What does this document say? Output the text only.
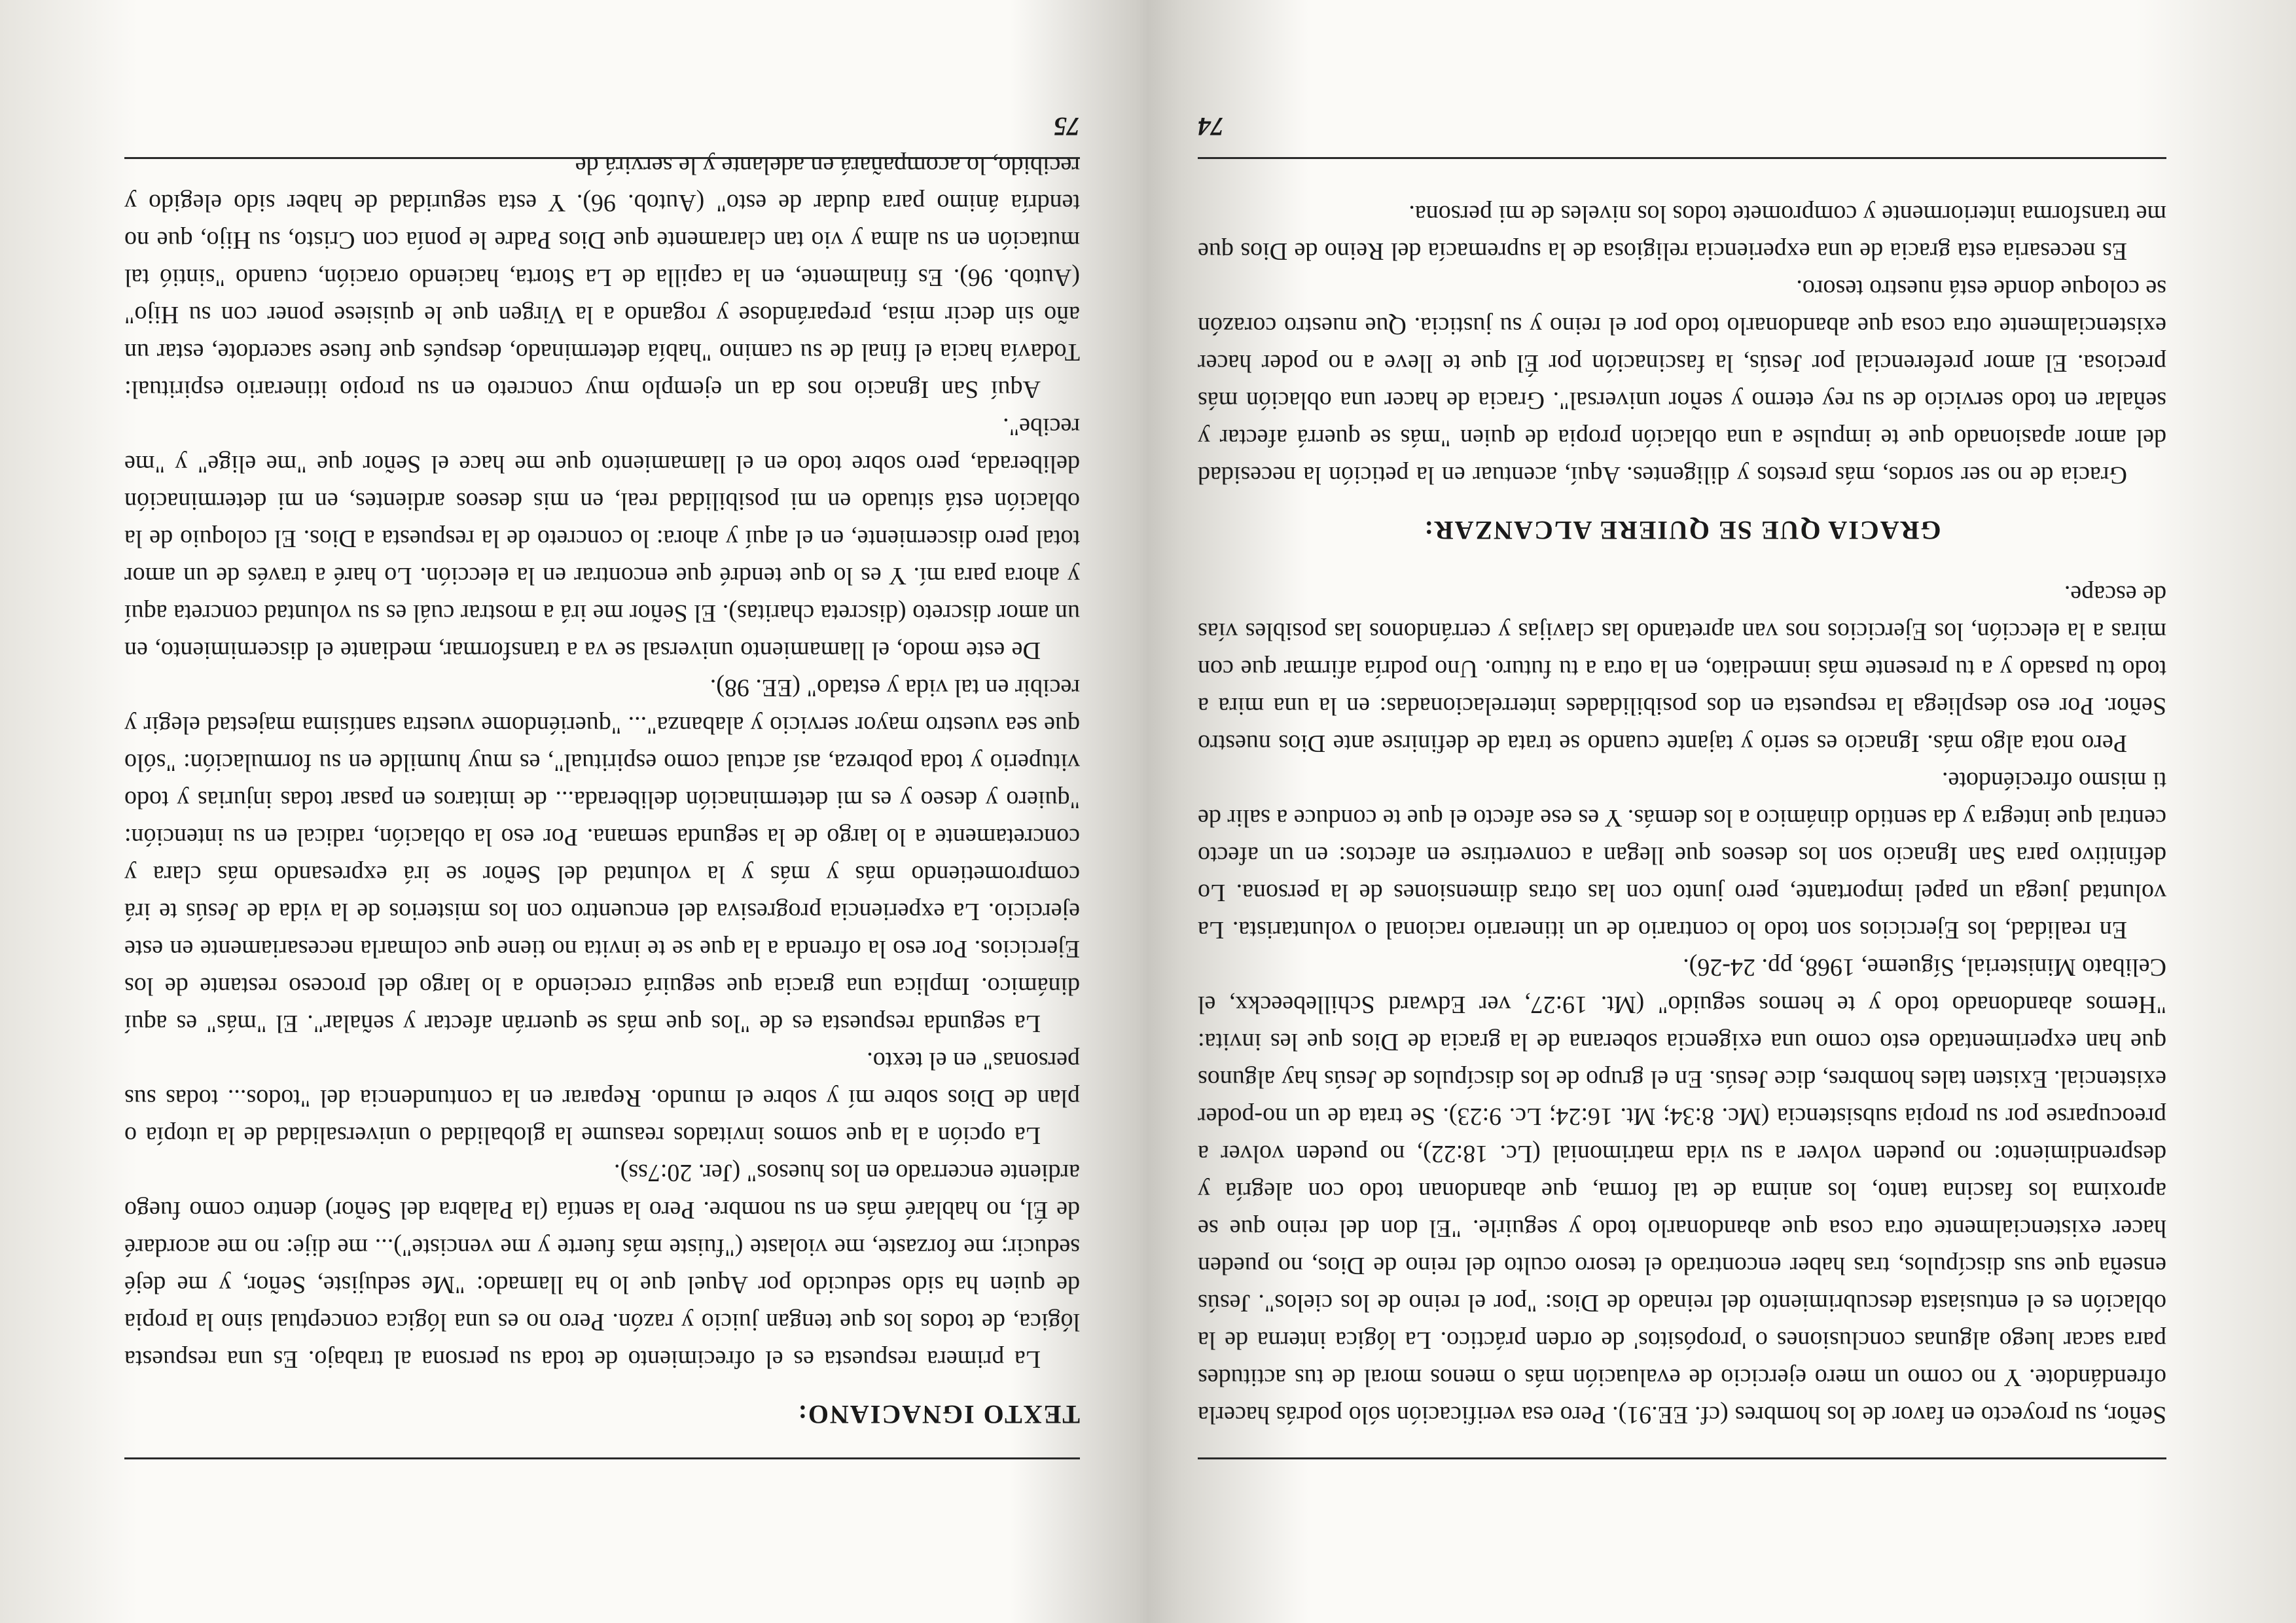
Señor, su proyecto en favor de los hombres (cf. EE.91). Pero esa verificación sólo podrás hacerla ofrendándote. Y no como un mero ejercicio de evaluación más o menos moral de tus actitudes para sacar luego algunas conclusiones o 'propósitos' de orden práctico. La lógica interna de la oblación es el entusiasta descubrimiento del reinado de Dios: "por el reino de los cielos". Jesús enseña que sus discípulos, tras haber encontrado el tesoro oculto del reino de Dios, no pueden hacer existencialmente otra cosa que abandonarlo todo y seguirle. "El don del reino que se aproxima los fascina tanto, los anima de tal forma, que abandonan todo con alegría y desprendimiento: no pueden volver a su vida matrimonial (Lc. 18:22), no pueden volver a preocuparse por su propia subsistencia (Mc. 8:34; Mt. 16:24; Lc. 9:23). Se trata de un no-poder existencial. Existen tales hombres, dice Jesús. En el grupo de los discípulos de Jesús hay algunos que han experimentado esto como una exigencia soberana de la gracia de Dios que les invita: "Hemos abandonado todo y te hemos seguido" (Mt. 19:27, ver Edward Schillebeeckx, el Celibato Ministerial, Sígueme, 1968, pp. 24-26).

En realidad, los Ejercicios son todo lo contrario de un itinerario racional o voluntarista. La voluntad juega un papel importante, pero junto con las otras dimensiones de la persona. Lo definitivo para San Ignacio son los deseos que llegan a convertirse en afectos: en un afecto central que integra y da sentido dinámico a los demás. Y es ese afecto el que te conduce a salir de ti mismo ofreciéndote.

Pero nota algo más. Ignacio es serio y tajante cuando se trata de definirse ante Dios nuestro Señor. Por eso despliega la respuesta en dos posibilidades interrelacionadas: en la una mira a todo tu pasado y a tu presente más inmediato, en la otra a tu futuro. Uno podría afirmar que con miras a la elección, los Ejercicios nos van apretando las clavijas y cerrándonos las posibles vías de escape.

GRACIA QUE SE QUIERE ALCANZAR:

Gracia de no ser sordos, más prestos y diligentes. Aquí, acentuar en la petición la necesidad del amor apasionado que te impulse a una oblación propia de quien "más se querrá afectar y señalar en todo servicio de su rey eterno y señor universal". Gracia de hacer una oblación más preciosa. El amor preferencial por Jesús, la fascinación por Él que te lleve a no poder hacer existencialmente otra cosa que abandonarlo todo por el reino y su justicia. Que nuestro corazón se coloque donde está nuestro tesoro.

Es necesaria esta gracia de una experiencia religiosa de la supremacía del Reino de Dios que me transforma interiormente y compromete todos los niveles de mi persona.

74
TEXTO IGNACIANO:

La primera respuesta es el ofrecimiento de toda su persona al trabajo. Es una respuesta lógica, de todos los que tengan juicio y razón. Pero no es una lógica conceptual sino la propia de quien ha sido seducido por Aquel que lo ha llamado: "Me sedujiste, Señor, y me dejé seducir; me forzaste, me violaste ("fuiste más fuerte y me venciste")... me dije: no me acordaré de Él, no hablaré más en su nombre. Pero la sentía (la Palabra del Señor) dentro como fuego ardiente encerrado en los huesos" (Jer. 20:7ss).

La opción a la que somos invitados reasume la globalidad o universalidad de la utopía o plan de Dios sobre mí y sobre el mundo. Reparar en la contundencia del "todos... todas sus personas" en el texto.

La segunda respuesta es de "los que más se querrán afectar y señalar". El "más" es aquí dinámico. Implica una gracia que seguirá creciendo a lo largo del proceso restante de los Ejercicios. Por eso la ofrenda a la que se te invita no tiene que colmarla necesariamente en este ejercicio. La experiencia progresiva del encuentro con los misterios de la vida de Jesús te irá comprometiendo más y más y la voluntad del Señor se irá expresando más clara y concretamente a lo largo de la segunda semana. Por eso la oblación, radical en su intención: "quiero y deseo y es mi determinación deliberada... de imitaros en pasar todas injurias y todo vituperio y toda pobreza, así actual como espiritual", es muy humilde en su formulación: "sólo que sea vuestro mayor servicio y alabanza"... "queriéndome vuestra santísima majestad elegir y recibir en tal vida y estado" (EE. 98).

De este modo, el llamamiento universal se va a transformar, mediante el discernimiento, en un amor discreto (discreta charitas). El Señor me irá a mostrar cuál es su voluntad concreta aquí y ahora para mí. Y es lo que tendré que encontrar en la elección. Lo haré a través de un amor total pero discerniente, en el aquí y ahora: lo concreto de la respuesta a Dios. El coloquio de la oblación está situado en mi posibilidad real, en mis deseos ardientes, en mi determinación deliberada, pero sobre todo en el llamamiento que me hace el Señor que "me elige" y "me recibe".

Aquí San Ignacio nos da un ejemplo muy concreto en su propio itinerario espiritual: Todavía hacia el final de su camino "había determinado, después que fuese sacerdote, estar un año sin decir misa, preparándose y rogando a la Virgen que le quisiese poner con su Hijo" (Autob. 96). Es finalmente, en la capilla de La Storta, haciendo oración, cuando "sintió tal mutación en su alma y vio tan claramente que Dios Padre le ponía con Cristo, su Hijo, que no tendría ánimo para dudar de esto" (Autob. 96). Y esta seguridad de haber sido elegido y recibido, lo acompañará en adelante y le servirá de

75
